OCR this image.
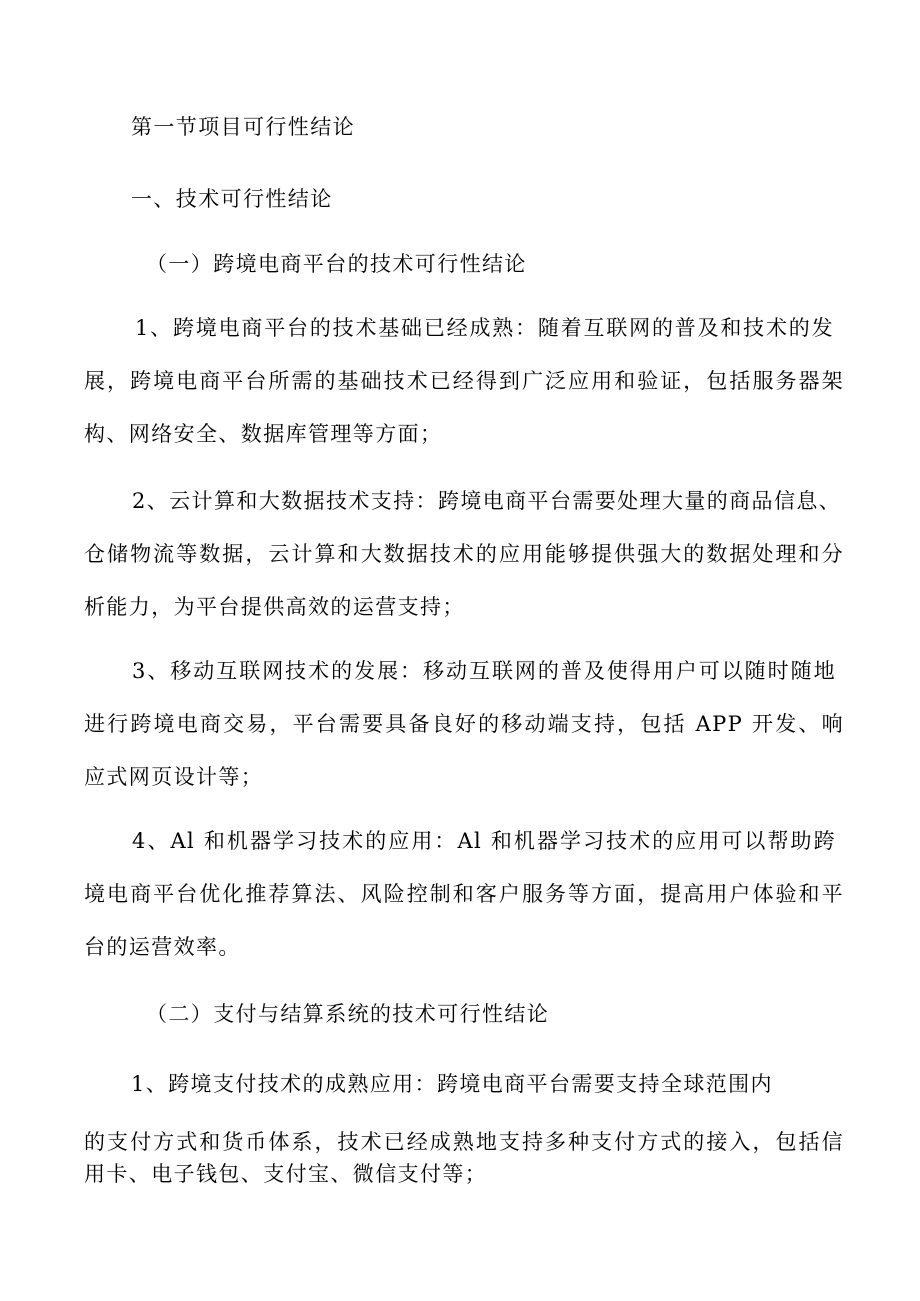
第一节项目可行性结论
一、技术可行性结论
（一）跨境电商平台的技术可行性结论
1、跨境电商平台的技术基础已经成熟：随着互联网的普及和技术的发
展，跨境电商平台所需的基础技术已经得到广泛应用和验证，包括服务器架
构、网络安全、数据库管理等方面；
2、云计算和大数据技术支持：跨境电商平台需要处理大量的商品信息、
仓储物流等数据，云计算和大数据技术的应用能够提供强大的数据处理和分
析能力，为平台提供高效的运营支持；
3、移动互联网技术的发展：移动互联网的普及使得用户可以随时随地
进行跨境电商交易，平台需要具备良好的移动端支持，包括 APP 开发、响
应式网页设计等；
4、Al 和机器学习技术的应用：Al 和机器学习技术的应用可以帮助跨
境电商平台优化推荐算法、风险控制和客户服务等方面，提高用户体验和平
台的运营效率。
（二）支付与结算系统的技术可行性结论
1、跨境支付技术的成熟应用：跨境电商平台需要支持全球范围内
的支付方式和货币体系，技术已经成熟地支持多种支付方式的接入，包括信
用卡、电子钱包、支付宝、微信支付等；
